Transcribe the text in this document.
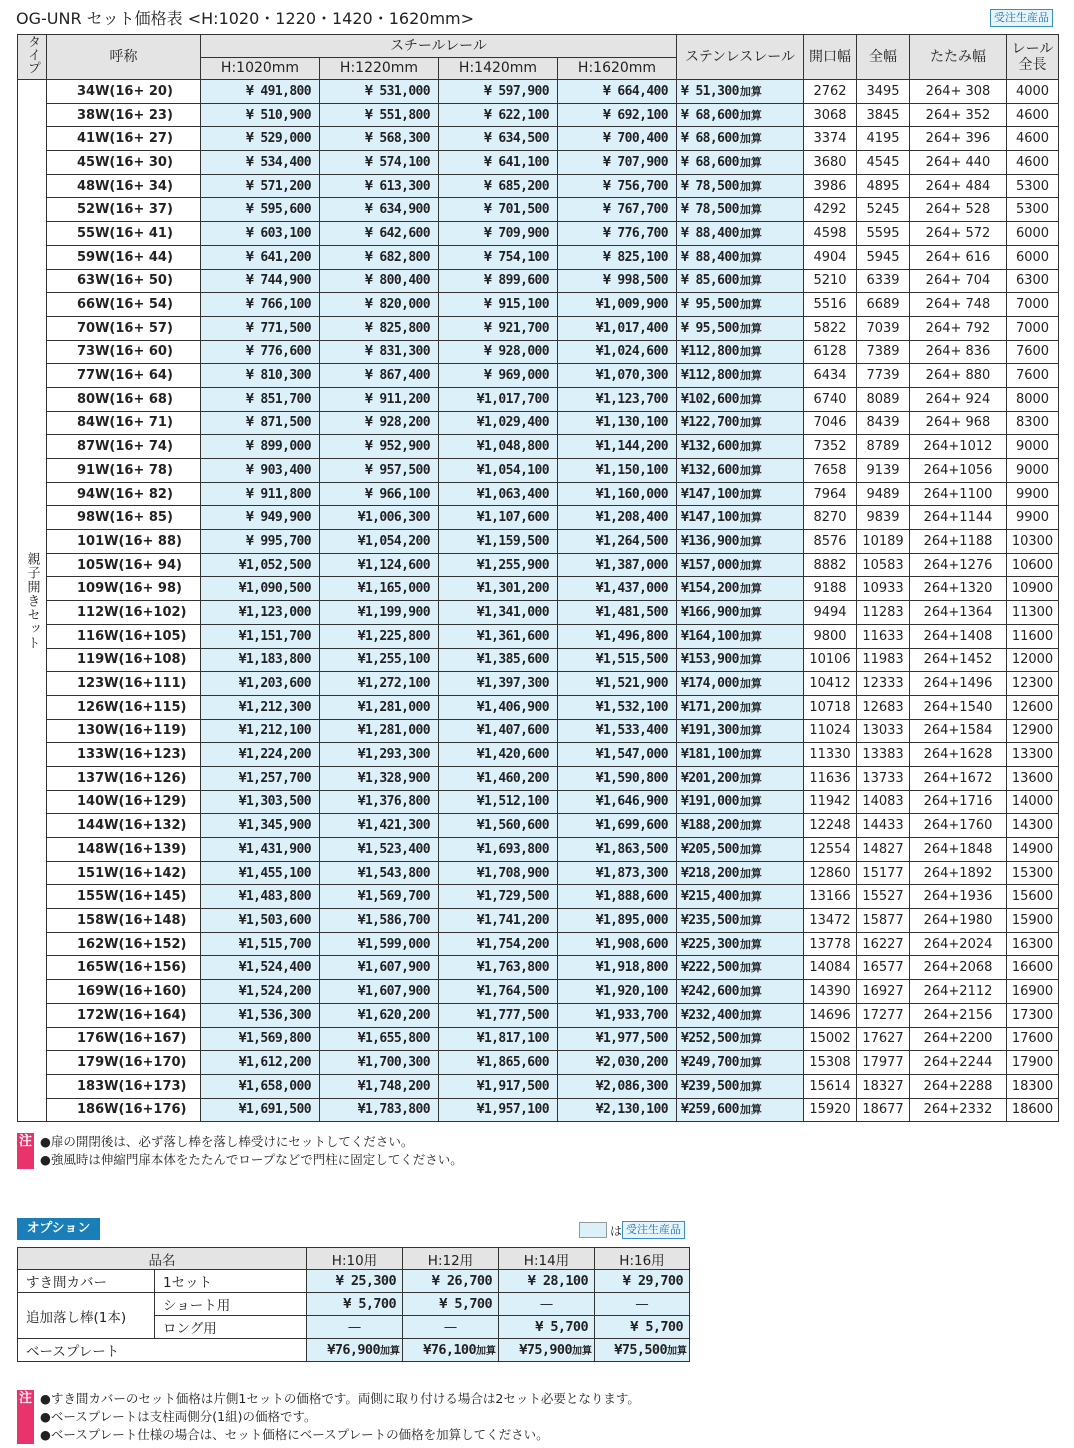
OG-UNR セット価格表 <H:1020・1220・1420・1620mm>	受注生産品
タイプ	呼称	スチールレール				ステンレスレール	開口幅	全幅	たたみ幅	レール全長
		H:1020mm	H:1220mm	H:1420mm	H:1620mm					
親子開きセット	34W(16+ 20)	¥ 491,800	¥ 531,000	¥ 597,900	¥ 664,400	¥ 51,300加算	2762	3495	264+ 308	4000
	38W(16+ 23)	¥ 510,900	¥ 551,800	¥ 622,100	¥ 692,100	¥ 68,600加算	3068	3845	264+ 352	4600
	41W(16+ 27)	¥ 529,000	¥ 568,300	¥ 634,500	¥ 700,400	¥ 68,600加算	3374	4195	264+ 396	4600
	45W(16+ 30)	¥ 534,400	¥ 574,100	¥ 641,100	¥ 707,900	¥ 68,600加算	3680	4545	264+ 440	4600
	48W(16+ 34)	¥ 571,200	¥ 613,300	¥ 685,200	¥ 756,700	¥ 78,500加算	3986	4895	264+ 484	5300
	52W(16+ 37)	¥ 595,600	¥ 634,900	¥ 701,500	¥ 767,700	¥ 78,500加算	4292	5245	264+ 528	5300
	55W(16+ 41)	¥ 603,100	¥ 642,600	¥ 709,900	¥ 776,700	¥ 88,400加算	4598	5595	264+ 572	6000
	59W(16+ 44)	¥ 641,200	¥ 682,800	¥ 754,100	¥ 825,100	¥ 88,400加算	4904	5945	264+ 616	6000
	63W(16+ 50)	¥ 744,900	¥ 800,400	¥ 899,600	¥ 998,500	¥ 85,600加算	5210	6339	264+ 704	6300
	66W(16+ 54)	¥ 766,100	¥ 820,000	¥ 915,100	¥1,009,900	¥ 95,500加算	5516	6689	264+ 748	7000
	70W(16+ 57)	¥ 771,500	¥ 825,800	¥ 921,700	¥1,017,400	¥ 95,500加算	5822	7039	264+ 792	7000
	73W(16+ 60)	¥ 776,600	¥ 831,300	¥ 928,000	¥1,024,600	¥112,800加算	6128	7389	264+ 836	7600
	77W(16+ 64)	¥ 810,300	¥ 867,400	¥ 969,000	¥1,070,300	¥112,800加算	6434	7739	264+ 880	7600
	80W(16+ 68)	¥ 851,700	¥ 911,200	¥1,017,700	¥1,123,700	¥102,600加算	6740	8089	264+ 924	8000
	84W(16+ 71)	¥ 871,500	¥ 928,200	¥1,029,400	¥1,130,100	¥122,700加算	7046	8439	264+ 968	8300
	87W(16+ 74)	¥ 899,000	¥ 952,900	¥1,048,800	¥1,144,200	¥132,600加算	7352	8789	264+1012	9000
	91W(16+ 78)	¥ 903,400	¥ 957,500	¥1,054,100	¥1,150,100	¥132,600加算	7658	9139	264+1056	9000
	94W(16+ 82)	¥ 911,800	¥ 966,100	¥1,063,400	¥1,160,000	¥147,100加算	7964	9489	264+1100	9900
	98W(16+ 85)	¥ 949,900	¥1,006,300	¥1,107,600	¥1,208,400	¥147,100加算	8270	9839	264+1144	9900
	101W(16+ 88)	¥ 995,700	¥1,054,200	¥1,159,500	¥1,264,500	¥136,900加算	8576	10189	264+1188	10300
	105W(16+ 94)	¥1,052,500	¥1,124,600	¥1,255,900	¥1,387,000	¥157,000加算	8882	10583	264+1276	10600
	109W(16+ 98)	¥1,090,500	¥1,165,000	¥1,301,200	¥1,437,000	¥154,200加算	9188	10933	264+1320	10900
	112W(16+102)	¥1,123,000	¥1,199,900	¥1,341,000	¥1,481,500	¥166,900加算	9494	11283	264+1364	11300
	116W(16+105)	¥1,151,700	¥1,225,800	¥1,361,600	¥1,496,800	¥164,100加算	9800	11633	264+1408	11600
	119W(16+108)	¥1,183,800	¥1,255,100	¥1,385,600	¥1,515,500	¥153,900加算	10106	11983	264+1452	12000
	123W(16+111)	¥1,203,600	¥1,272,100	¥1,397,300	¥1,521,900	¥174,000加算	10412	12333	264+1496	12300
	126W(16+115)	¥1,212,300	¥1,281,000	¥1,406,900	¥1,532,100	¥171,200加算	10718	12683	264+1540	12600
	130W(16+119)	¥1,212,100	¥1,281,000	¥1,407,600	¥1,533,400	¥191,300加算	11024	13033	264+1584	12900
	133W(16+123)	¥1,224,200	¥1,293,300	¥1,420,600	¥1,547,000	¥181,100加算	11330	13383	264+1628	13300
	137W(16+126)	¥1,257,700	¥1,328,900	¥1,460,200	¥1,590,800	¥201,200加算	11636	13733	264+1672	13600
	140W(16+129)	¥1,303,500	¥1,376,800	¥1,512,100	¥1,646,900	¥191,000加算	11942	14083	264+1716	14000
	144W(16+132)	¥1,345,900	¥1,421,300	¥1,560,600	¥1,699,600	¥188,200加算	12248	14433	264+1760	14300
	148W(16+139)	¥1,431,900	¥1,523,400	¥1,693,800	¥1,863,500	¥205,500加算	12554	14827	264+1848	14900
	151W(16+142)	¥1,455,100	¥1,543,800	¥1,708,900	¥1,873,300	¥218,200加算	12860	15177	264+1892	15300
	155W(16+145)	¥1,483,800	¥1,569,700	¥1,729,500	¥1,888,600	¥215,400加算	13166	15527	264+1936	15600
	158W(16+148)	¥1,503,600	¥1,586,700	¥1,741,200	¥1,895,000	¥235,500加算	13472	15877	264+1980	15900
	162W(16+152)	¥1,515,700	¥1,599,000	¥1,754,200	¥1,908,600	¥225,300加算	13778	16227	264+2024	16300
	165W(16+156)	¥1,524,400	¥1,607,900	¥1,763,800	¥1,918,800	¥222,500加算	14084	16577	264+2068	16600
	169W(16+160)	¥1,524,200	¥1,607,900	¥1,764,500	¥1,920,100	¥242,600加算	14390	16927	264+2112	16900
	172W(16+164)	¥1,536,300	¥1,620,200	¥1,777,500	¥1,933,700	¥232,400加算	14696	17277	264+2156	17300
	176W(16+167)	¥1,569,800	¥1,655,800	¥1,817,100	¥1,977,500	¥252,500加算	15002	17627	264+2200	17600
	179W(16+170)	¥1,612,200	¥1,700,300	¥1,865,600	¥2,030,200	¥249,700加算	15308	17977	264+2244	17900
	183W(16+173)	¥1,658,000	¥1,748,200	¥1,917,500	¥2,086,300	¥239,500加算	15614	18327	264+2288	18300
	186W(16+176)	¥1,691,500	¥1,783,800	¥1,957,100	¥2,130,100	¥259,600加算	15920	18677	264+2332	18600
注 ●扉の開閉後は、必ず落し棒を落し棒受けにセットしてください。
●強風時は伸縮門扉本体をたたんでロープなどで門柱に固定してください。
オプション	は 受注生産品
品名		H:10用	H:12用	H:14用	H:16用
すき間カバー	1セット	¥ 25,300	¥ 26,700	¥ 28,100	¥ 29,700
追加落し棒(1本)	ショート用	¥ 5,700	¥ 5,700	—	—
	ロング用	—	—	¥ 5,700	¥ 5,700
ベースプレート		¥76,900加算	¥76,100加算	¥75,900加算	¥75,500加算
注 ●すき間カバーのセット価格は片側1セットの価格です。両側に取り付ける場合は2セット必要となります。
●ベースプレートは支柱両側分(1組)の価格です。
●ベースプレート仕様の場合は、セット価格にベースプレートの価格を加算してください。
